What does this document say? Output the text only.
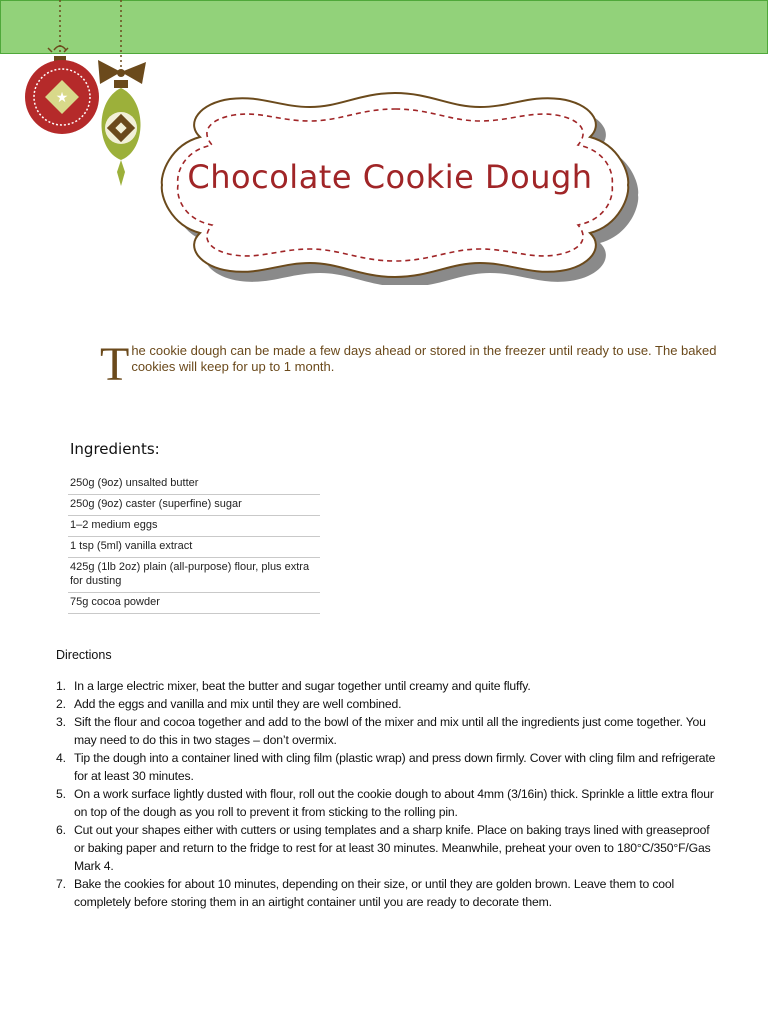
★
Chocolate Cookie Dough
T he cookie dough can be made a few days ahead or stored in the freezer until ready to use. The baked cookies will keep for up to 1 month.
Ingredients:
250g (9oz) unsalted butter
250g (9oz) caster (superfine) sugar
1–2 medium eggs
1 tsp (5ml) vanilla extract
425g (1lb 2oz) plain (all-purpose) flour, plus extra for dusting
75g cocoa powder
Directions
1. In a large electric mixer, beat the butter and sugar together until creamy and quite fluffy.
2. Add the eggs and vanilla and mix until they are well combined.
3. Sift the flour and cocoa together and add to the bowl of the mixer and mix until all the ingredients just come together. You may need to do this in two stages – don’t overmix.
4. Tip the dough into a container lined with cling film (plastic wrap) and press down firmly. Cover with cling film and refrigerate for at least 30 minutes.
5. On a work surface lightly dusted with flour, roll out the cookie dough to about 4mm (3/16in) thick. Sprinkle a little extra flour on top of the dough as you roll to prevent it from sticking to the rolling pin.
6. Cut out your shapes either with cutters or using templates and a sharp knife. Place on baking trays lined with greaseproof or baking paper and return to the fridge to rest for at least 30 minutes. Meanwhile, preheat your oven to 180°C/350°F/Gas Mark 4.
7. Bake the cookies for about 10 minutes, depending on their size, or until they are golden brown. Leave them to cool completely before storing them in an airtight container until you are ready to decorate them.
